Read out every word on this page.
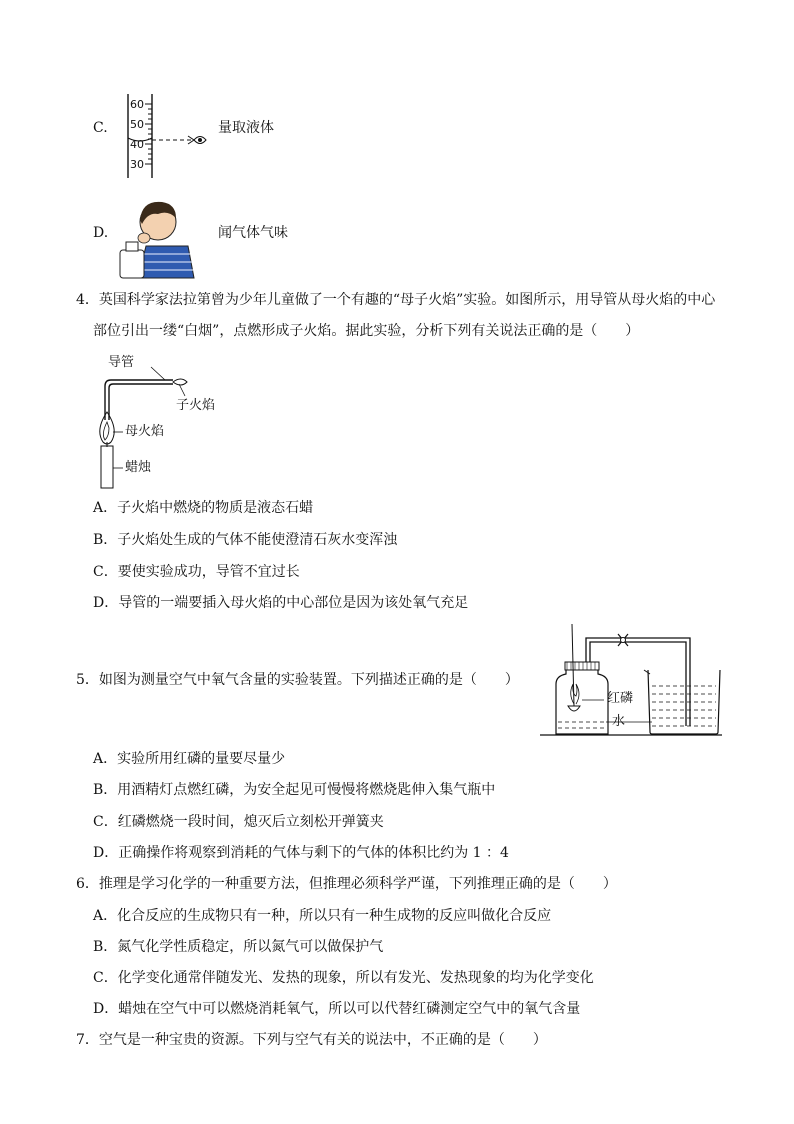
C.
60
50
40
30
量取液体
D.	闻气体气味
4．英国科学家法拉第曾为少年儿童做了一个有趣的“母子火焰”实验。如图所示，用导管从母火焰的中心
部位引出一缕“白烟”，点燃形成子火焰。据此实验，分析下列有关说法正确的是（　　）
导管
子火焰
母火焰
蜡烛
A．子火焰中燃烧的物质是液态石蜡
B．子火焰处生成的气体不能使澄清石灰水变浑浊
C．要使实验成功，导管不宜过长
D．导管的一端要插入母火焰的中心部位是因为该处氧气充足
5．如图为测量空气中氧气含量的实验装置。下列描述正确的是（　　）
红磷
水
A．实验所用红磷的量要尽量少
B．用酒精灯点燃红磷，为安全起见可慢慢将燃烧匙伸入集气瓶中
C．红磷燃烧一段时间，熄灭后立刻松开弹簧夹
D．正确操作将观察到消耗的气体与剩下的气体的体积比约为 1 ：4
6．推理是学习化学的一种重要方法，但推理必须科学严谨，下列推理正确的是（　　）
A．化合反应的生成物只有一种，所以只有一种生成物的反应叫做化合反应
B．氮气化学性质稳定，所以氮气可以做保护气
C．化学变化通常伴随发光、发热的现象，所以有发光、发热现象的均为化学变化
D．蜡烛在空气中可以燃烧消耗氧气，所以可以代替红磷测定空气中的氧气含量
7．空气是一种宝贵的资源。下列与空气有关的说法中，不正确的是（　　）
